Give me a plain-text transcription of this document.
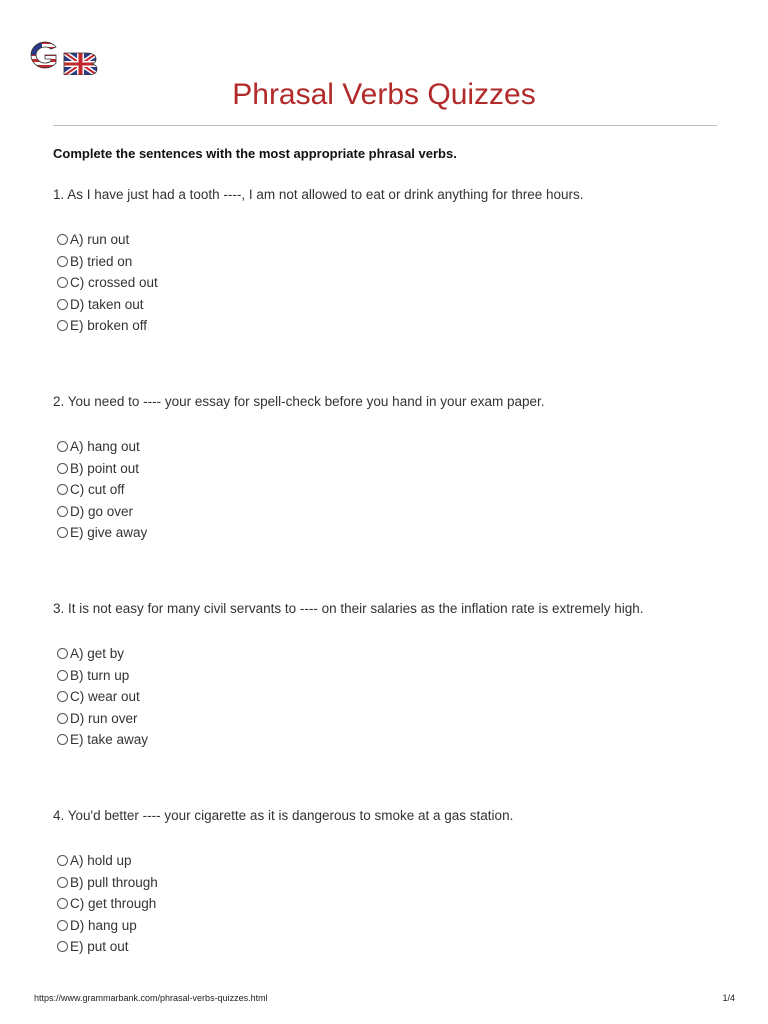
Phrasal Verbs Quizzes
Complete the sentences with the most appropriate phrasal verbs.
1. As I have just had a tooth ----, I am not allowed to eat or drink anything for three hours.
A) run out
B) tried on
C) crossed out
D) taken out
E) broken off
2. You need to ---- your essay for spell-check before you hand in your exam paper.
A) hang out
B) point out
C) cut off
D) go over
E) give away
3. It is not easy for many civil servants to ---- on their salaries as the inflation rate is extremely high.
A) get by
B) turn up
C) wear out
D) run over
E) take away
4. You'd better ---- your cigarette as it is dangerous to smoke at a gas station.
A) hold up
B) pull through
C) get through
D) hang up
E) put out
https://www.grammarbank.com/phrasal-verbs-quizzes.html	1/4
